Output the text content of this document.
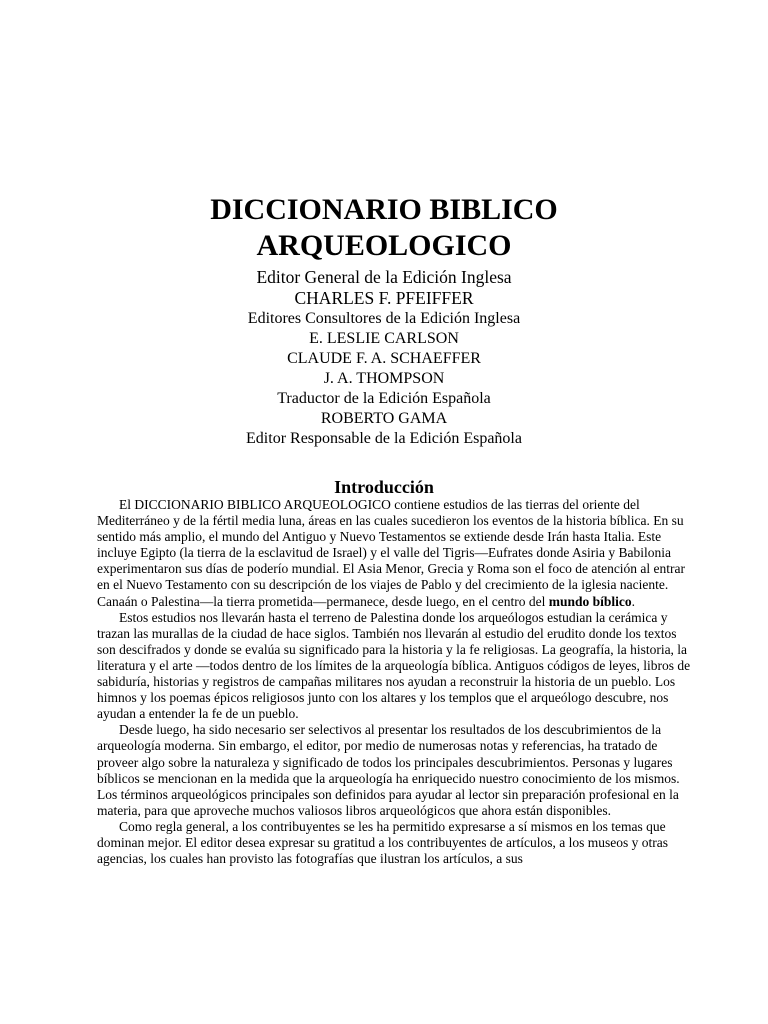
DICCIONARIO BIBLICO
ARQUEOLOGICO

Editor General de la Edición Inglesa

CHARLES F. PFEIFFER

Editores Consultores de la Edición Inglesa

E. LESLIE CARLSON

CLAUDE F. A. SCHAEFFER

J. A. THOMPSON

Traductor de la Edición Española

ROBERTO GAMA

Editor Responsable de la Edición Española

Introducción

El DICCIONARIO BIBLICO ARQUEOLOGICO contiene estudios de las tierras del oriente del Mediterráneo y de la fértil media luna, áreas en las cuales sucedieron los eventos de la historia bíblica. En su sentido más amplio, el mundo del Antiguo y Nuevo Testamentos se extiende desde Irán hasta Italia. Este incluye Egipto (la tierra de la esclavitud de Israel) y el valle del Tigris—Eufrates donde Asiria y Babilonia experimentaron sus días de poderío mundial. El Asia Menor, Grecia y Roma son el foco de atención al entrar en el Nuevo Testamento con su descripción de los viajes de Pablo y del crecimiento de la iglesia naciente. Canaán o Palestina—la tierra prometida—permanece, desde luego, en el centro del mundo bíblico.

Estos estudios nos llevarán hasta el terreno de Palestina donde los arqueólogos estudian la cerámica y trazan las murallas de la ciudad de hace siglos. También nos llevarán al estudio del erudito donde los textos son descifrados y donde se evalúa su significado para la historia y la fe religiosas. La geografía, la historia, la literatura y el arte —todos dentro de los límites de la arqueología bíblica. Antiguos códigos de leyes, libros de sabiduría, historias y registros de campañas militares nos ayudan a reconstruir la historia de un pueblo. Los himnos y los poemas épicos religiosos junto con los altares y los templos que el arqueólogo descubre, nos ayudan a entender la fe de un pueblo.

Desde luego, ha sido necesario ser selectivos al presentar los resultados de los descubrimientos de la arqueología moderna. Sin embargo, el editor, por medio de numerosas notas y referencias, ha tratado de proveer algo sobre la naturaleza y significado de todos los principales descubrimientos. Personas y lugares bíblicos se mencionan en la medida que la arqueología ha enriquecido nuestro conocimiento de los mismos. Los términos arqueológicos principales son definidos para ayudar al lector sin preparación profesional en la materia, para que aproveche muchos valiosos libros arqueológicos que ahora están disponibles.

Como regla general, a los contribuyentes se les ha permitido expresarse a sí mismos en los temas que dominan mejor. El editor desea expresar su gratitud a los contribuyentes de artículos, a los museos y otras agencias, los cuales han provisto las fotografías que ilustran los artículos, a sus
